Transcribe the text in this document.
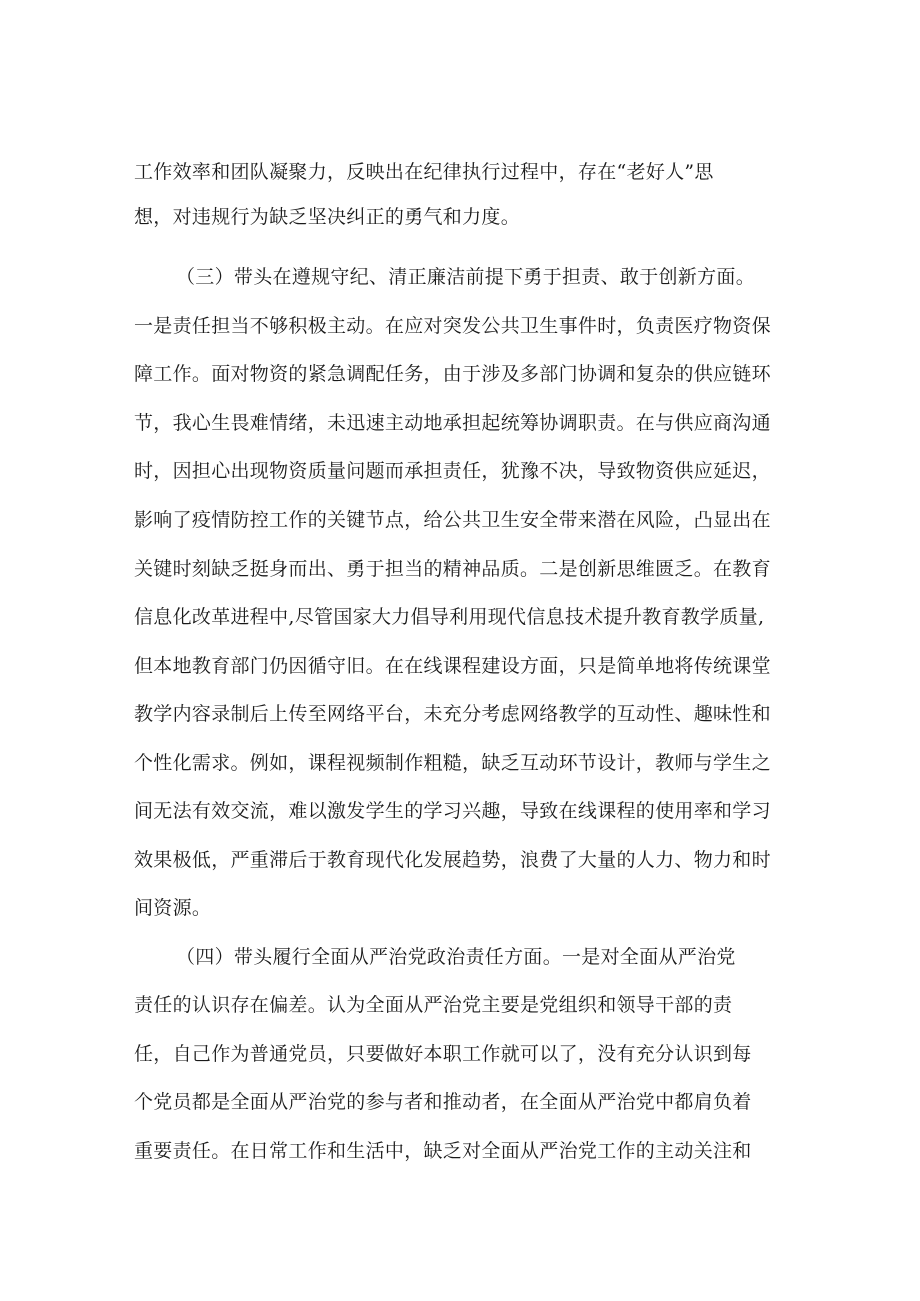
工作效率和团队凝聚力，反映出在纪律执行过程中，存在“老好人”思
想，对违规行为缺乏坚决纠正的勇气和力度。
（三）带头在遵规守纪、清正廉洁前提下勇于担责、敢于创新方面。
一是责任担当不够积极主动。在应对突发公共卫生事件时，负责医疗物资保
障工作。面对物资的紧急调配任务，由于涉及多部门协调和复杂的供应链环
节，我心生畏难情绪，未迅速主动地承担起统筹协调职责。在与供应商沟通
时，因担心出现物资质量问题而承担责任，犹豫不决，导致物资供应延迟，
影响了疫情防控工作的关键节点，给公共卫生安全带来潜在风险，凸显出在
关键时刻缺乏挺身而出、勇于担当的精神品质。二是创新思维匮乏。在教育
信息化改革进程中,尽管国家大力倡导利用现代信息技术提升教育教学质量,
但本地教育部门仍因循守旧。在在线课程建设方面，只是简单地将传统课堂
教学内容录制后上传至网络平台，未充分考虑网络教学的互动性、趣味性和
个性化需求。例如，课程视频制作粗糙，缺乏互动环节设计，教师与学生之
间无法有效交流，难以激发学生的学习兴趣，导致在线课程的使用率和学习
效果极低，严重滞后于教育现代化发展趋势，浪费了大量的人力、物力和时
间资源。
（四）带头履行全面从严治党政治责任方面。一是对全面从严治党
责任的认识存在偏差。认为全面从严治党主要是党组织和领导干部的责
任，自己作为普通党员，只要做好本职工作就可以了，没有充分认识到每
个党员都是全面从严治党的参与者和推动者，在全面从严治党中都肩负着
重要责任。在日常工作和生活中，缺乏对全面从严治党工作的主动关注和
